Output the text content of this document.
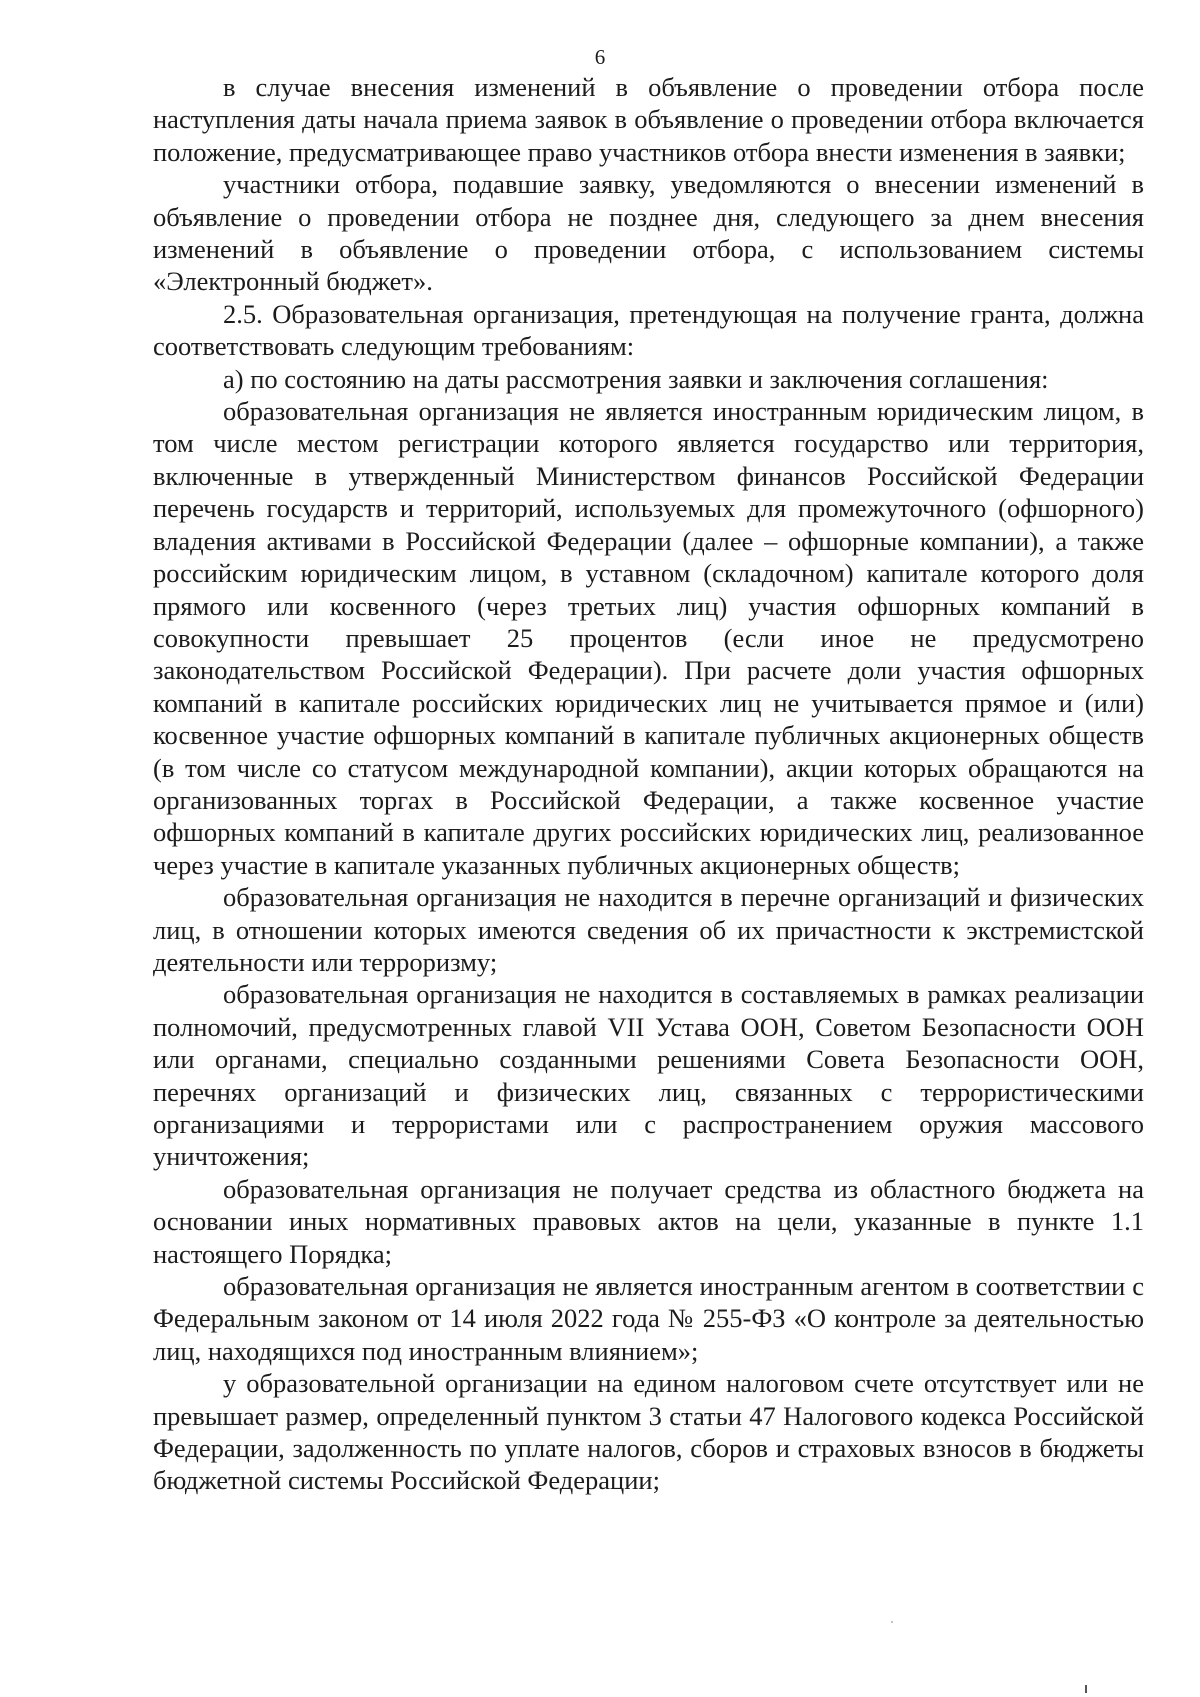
6

в случае внесения изменений в объявление о проведении отбора после наступления даты начала приема заявок в объявление о проведении отбора включается положение, предусматривающее право участников отбора внести изменения в заявки;

участники отбора, подавшие заявку, уведомляются о внесении изменений в объявление о проведении отбора не позднее дня, следующего за днем внесения изменений в объявление о проведении отбора, с использованием системы «Электронный бюджет».

2.5. Образовательная организация, претендующая на получение гранта, должна соответствовать следующим требованиям:

а) по состоянию на даты рассмотрения заявки и заключения соглашения:

образовательная организация не является иностранным юридическим лицом, в том числе местом регистрации которого является государство или территория, включенные в утвержденный Министерством финансов Российской Федерации перечень государств и территорий, используемых для промежуточного (офшорного) владения активами в Российской Федерации (далее – офшорные компании), а также российским юридическим лицом, в уставном (складочном) капитале которого доля прямого или косвенного (через третьих лиц) участия офшорных компаний в совокупности превышает 25 процентов (если иное не предусмотрено законодательством Российской Федерации). При расчете доли участия офшорных компаний в капитале российских юридических лиц не учитывается прямое и (или) косвенное участие офшорных компаний в капитале публичных акционерных обществ (в том числе со статусом международной компании), акции которых обращаются на организованных торгах в Российской Федерации, а также косвенное участие офшорных компаний в капитале других российских юридических лиц, реализованное через участие в капитале указанных публичных акционерных обществ;

образовательная организация не находится в перечне организаций и физических лиц, в отношении которых имеются сведения об их причастности к экстремистской деятельности или терроризму;

образовательная организация не находится в составляемых в рамках реализации полномочий, предусмотренных главой VII Устава ООН, Советом Безопасности ООН или органами, специально созданными решениями Совета Безопасности ООН, перечнях организаций и физических лиц, связанных с террористическими организациями и террористами или с распространением оружия массового уничтожения;

образовательная организация не получает средства из областного бюджета на основании иных нормативных правовых актов на цели, указанные в пункте 1.1 настоящего Порядка;

образовательная организация не является иностранным агентом в соответствии с Федеральным законом от 14 июля 2022 года № 255-ФЗ «О контроле за деятельностью лиц, находящихся под иностранным влиянием»;

у образовательной организации на едином налоговом счете отсутствует или не превышает размер, определенный пунктом 3 статьи 47 Налогового кодекса Российской Федерации, задолженность по уплате налогов, сборов и страховых взносов в бюджеты бюджетной системы Российской Федерации;
